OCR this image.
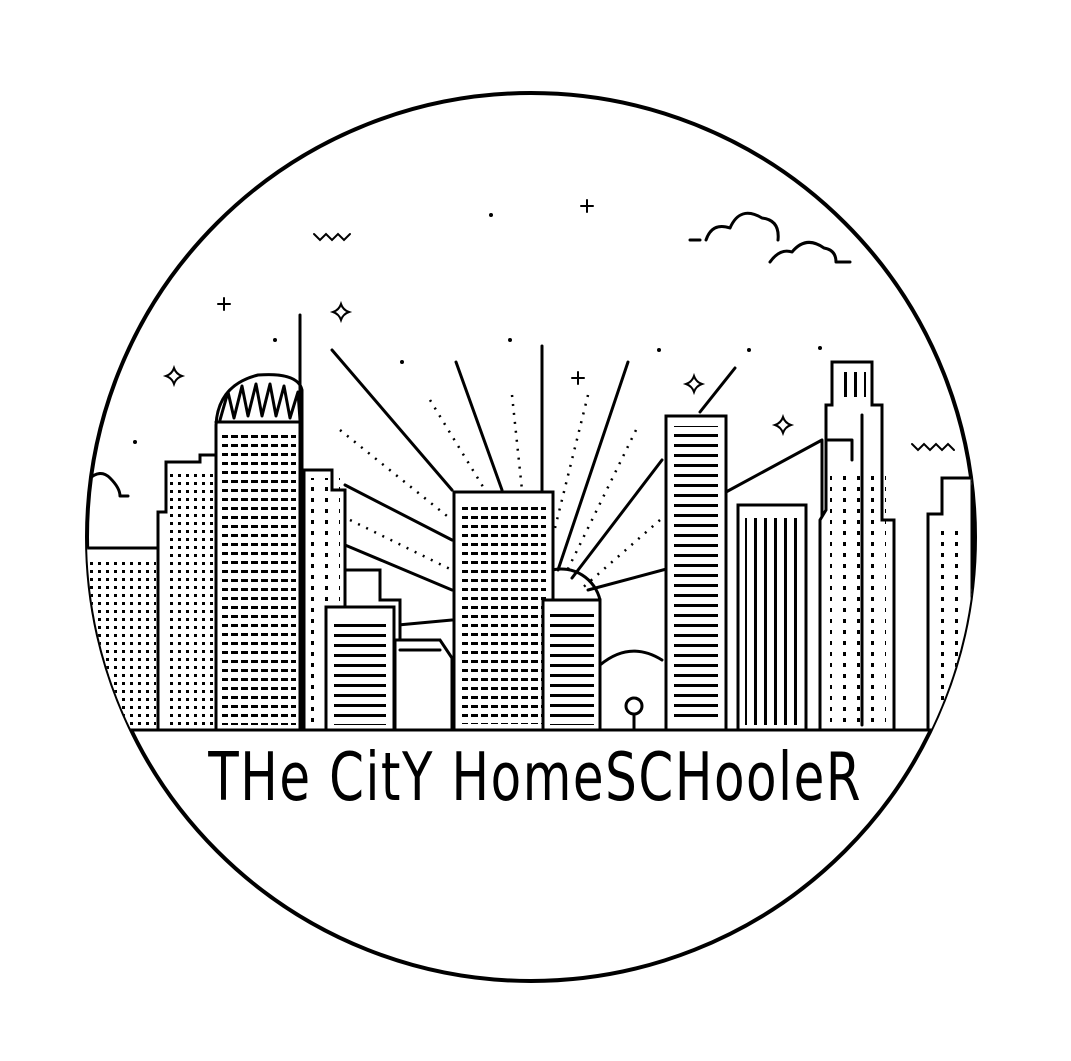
THe CitY HomeSCHooleR
